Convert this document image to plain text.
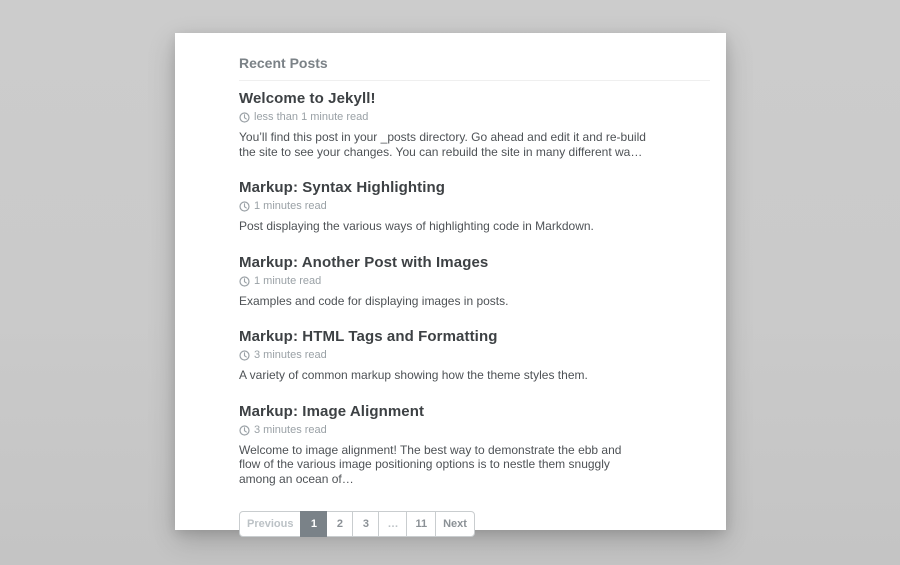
Recent Posts
Welcome to Jekyll!

less than 1 minute read

You’ll find this post in your _posts directory. Go ahead and edit it and re-build the site to see your changes. You can rebuild the site in many different wa…

Markup: Syntax Highlighting

1 minutes read

Post displaying the various ways of highlighting code in Markdown.

Markup: Another Post with Images

1 minute read

Examples and code for displaying images in posts.

Markup: HTML Tags and Formatting

3 minutes read

A variety of common markup showing how the theme styles them.

Markup: Image Alignment

3 minutes read

Welcome to image alignment! The best way to demonstrate the ebb and flow of the various image positioning options is to nestle them snuggly among an ocean of…

Previous	1	2	3	…	11	Next
